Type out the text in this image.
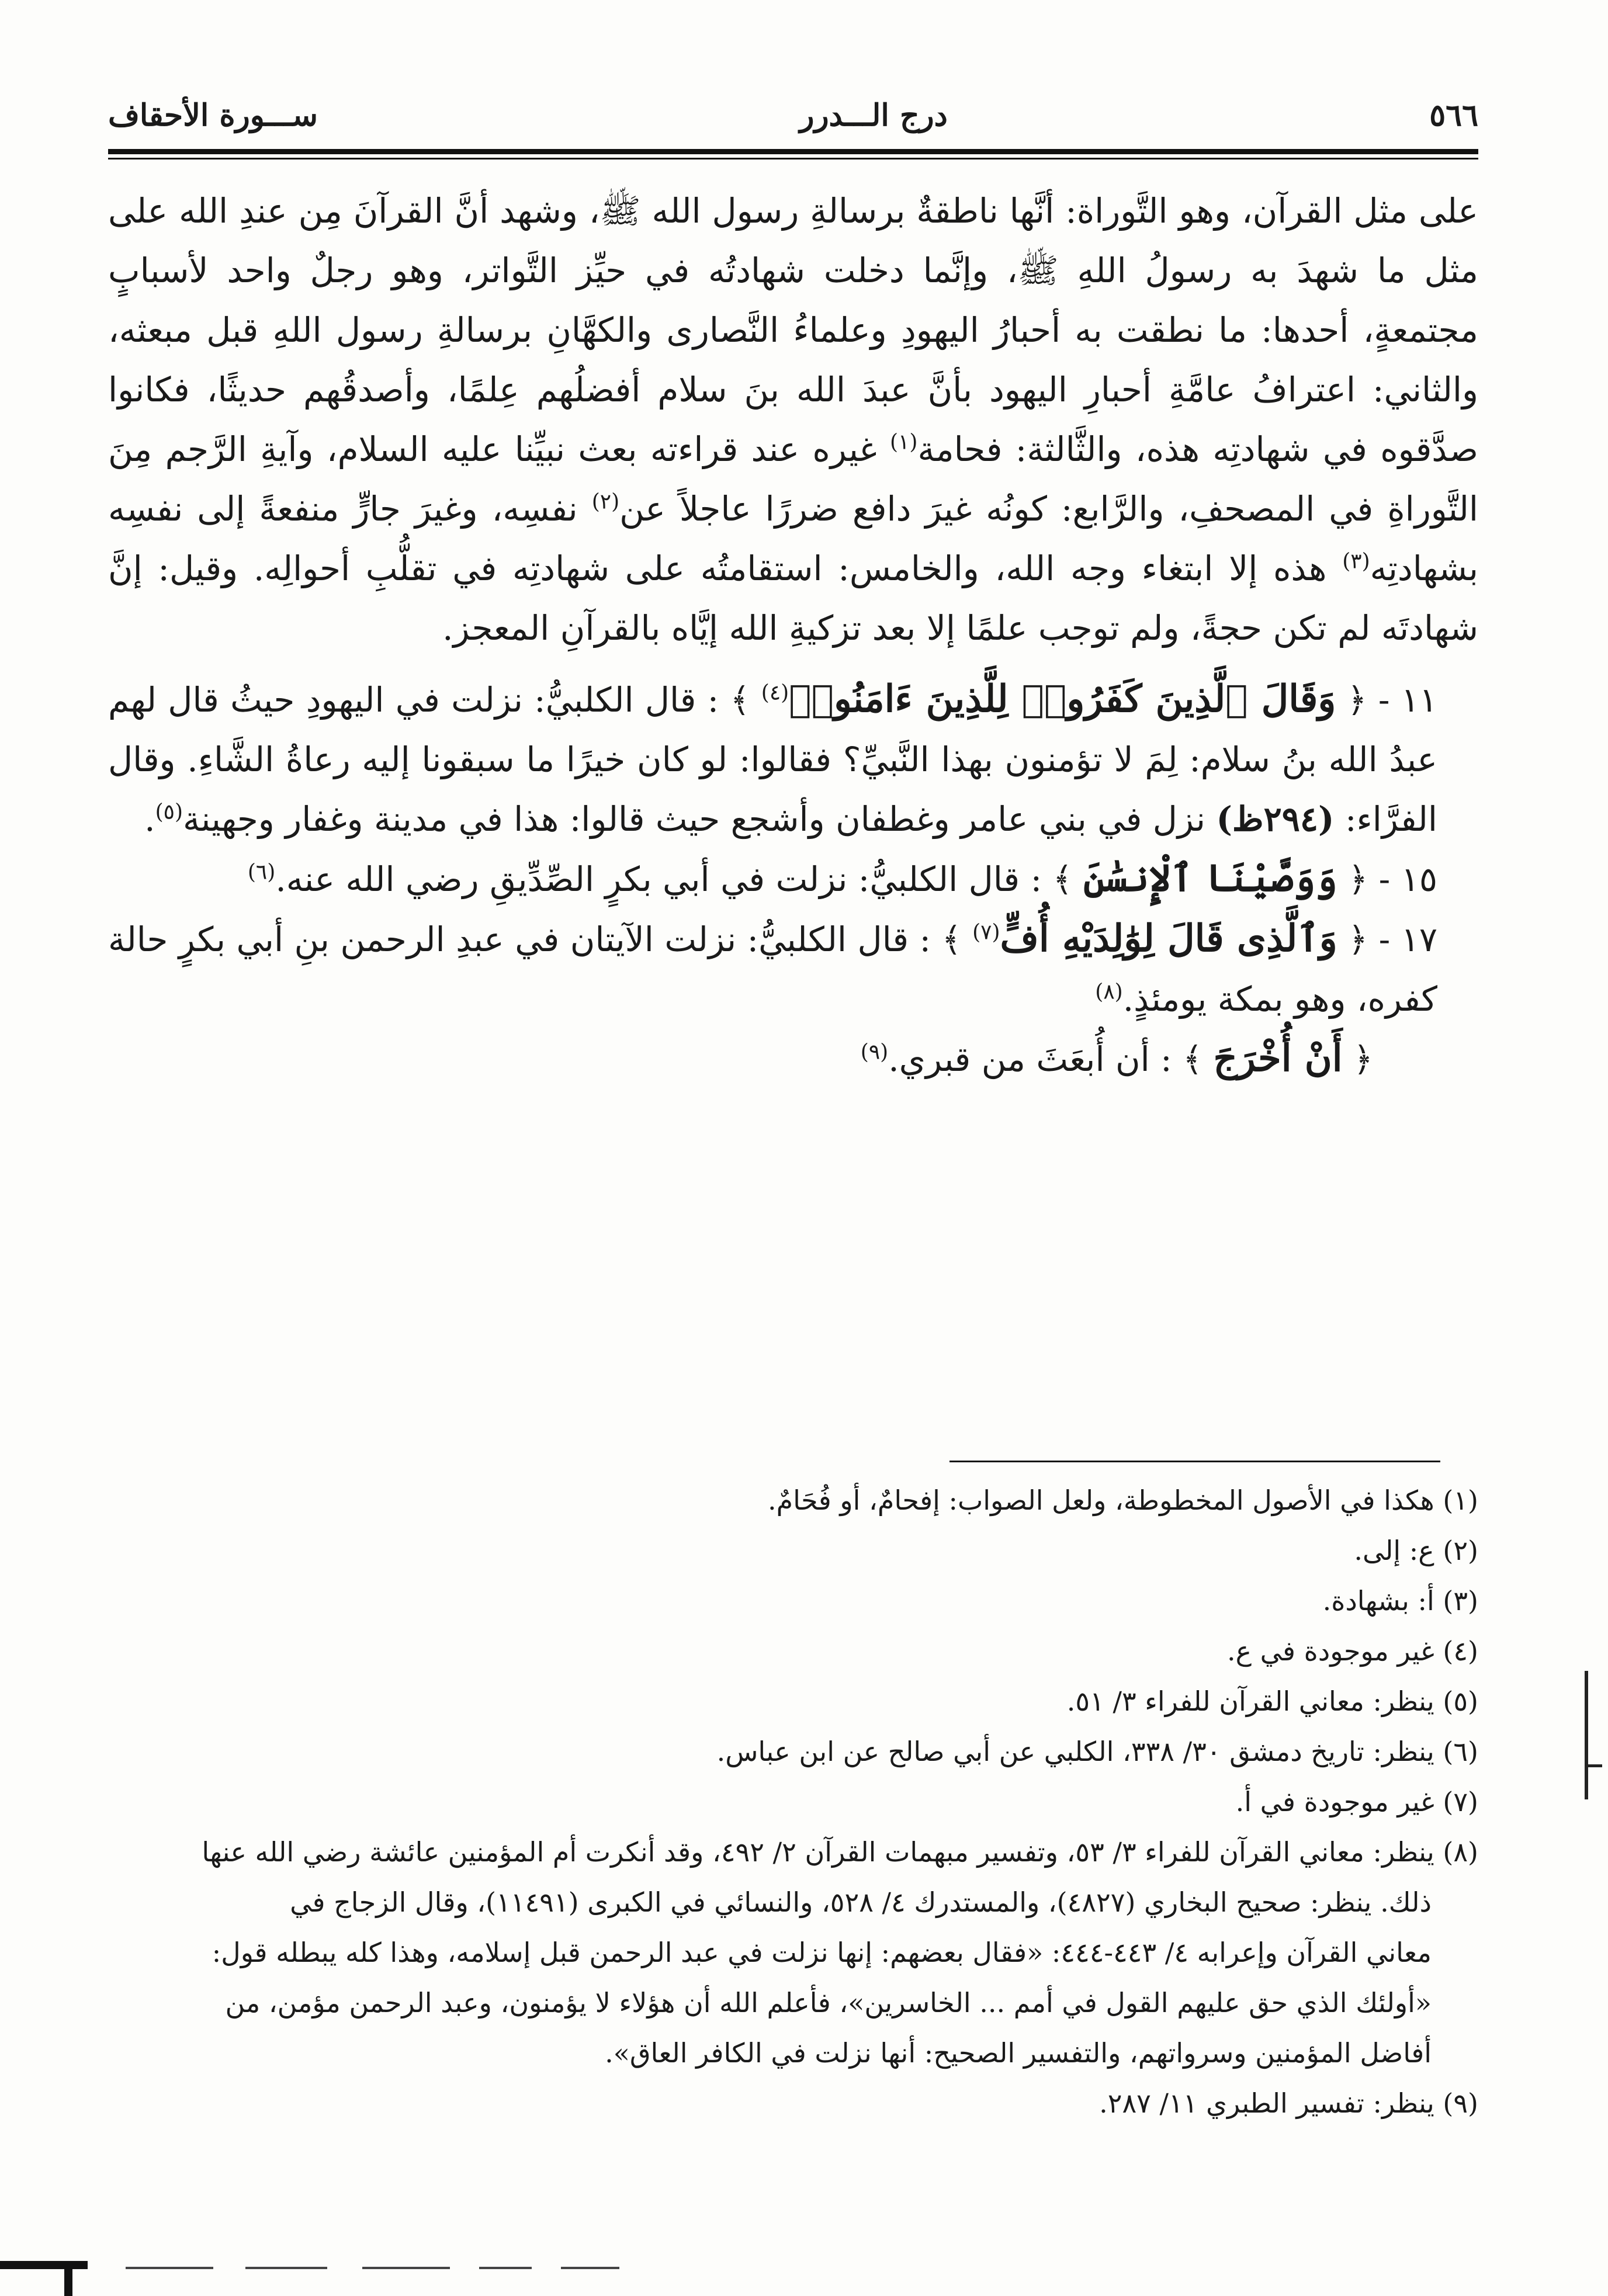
٥٦٦
درج الـــدرر
ســـورة الأحقاف

على مثل القرآن، وهو التَّوراة: أنَّها ناطقةٌ برسالةِ رسول الله ﷺ، وشهد أنَّ القرآنَ مِن عندِ الله على مثل ما شهدَ به رسولُ اللهِ ﷺ، وإنَّما دخلت شهادتُه في حيِّز التَّواتر، وهو رجلٌ واحد لأسبابٍ مجتمعةٍ، أحدها: ما نطقت به أحبارُ اليهودِ وعلماءُ النَّصارى والكهَّانِ برسالةِ رسول اللهِ قبل مبعثه، والثاني: اعترافُ عامَّةِ أحبارِ اليهود بأنَّ عبدَ الله بنَ سلام أفضلُهم عِلمًا، وأصدقُهم حديثًا، فكانوا صدَّقوه في شهادتِه هذه، والثَّالثة: فحامة$^{(١)}$ غيره عند قراءته بعث نبيِّنا عليه السلام، وآيةِ الرَّجم مِنَ التَّوراةِ في المصحفِ، والرَّابع: كونُه غيرَ دافع ضررًا عاجلاً عن$^{(٢)}$ نفسِه، وغيرَ جارٍّ منفعةً إلى نفسِه بشهادتِه$^{(٣)}$ هذه إلا ابتغاء وجه الله، والخامس: استقامتُه على شهادتِه في تقلُّبِ أحوالِه. وقيل: إنَّ شهادتَه لم تكن حجةً، ولم توجب علمًا إلا بعد تزكيةِ الله إيَّاه بالقرآنِ المعجز.

١١ - ﴿ وَقَالَ ٱلَّذِينَ كَفَرُوا۟ لِلَّذِينَ ءَامَنُوا۟$^{(٤)}$ ﴾ : قال الكلبيُّ: نزلت في اليهودِ حيثُ قال لهم عبدُ الله بنُ سلام: لِمَ لا تؤمنون بهذا النَّبيِّ؟ فقالوا: لو كان خيرًا ما سبقونا إليه رعاةُ الشَّاءِ. وقال الفرَّاء: (٢٩٤ظ) نزل في بني عامر وغطفان وأشجع حيث قالوا: هذا في مدينة وغفار وجهينة$^{(٥)}$.

١٥ - ﴿ وَوَصَّيْنَا ٱلْإِنسَٰنَ ﴾ : قال الكلبيُّ: نزلت في أبي بكرٍ الصِّدِّيقِ رضي الله عنه.$^{(٦)}$

١٧ - ﴿ وَٱلَّذِى قَالَ لِوَٰلِدَيْهِ أُفٍّ$^{(٧)}$ ﴾ : قال الكلبيُّ: نزلت الآيتان في عبدِ الرحمن بنِ أبي بكرٍ حالة كفره، وهو بمكة يومئذٍ.$^{(٨)}$

﴿ أَنْ أُخْرَجَ ﴾ : أن أُبعَثَ من قبري.$^{(٩)}$

(١) هكذا في الأصول المخطوطة، ولعل الصواب: إفحامٌ، أو فُحَامٌ.

(٢) ع: إلى.

(٣) أ: بشهادة.

(٤) غير موجودة في ع.

(٥) ينظر: معاني القرآن للفراء ٣/ ٥١.

(٦) ينظر: تاريخ دمشق ٣٠/ ٣٣٨، الكلبي عن أبي صالح عن ابن عباس.

(٧) غير موجودة في أ.

(٨) ينظر: معاني القرآن للفراء ٣/ ٥٣، وتفسير مبهمات القرآن ٢/ ٤٩٢، وقد أنكرت أم المؤمنين عائشة رضي الله عنها

ذلك. ينظر: صحيح البخاري (٤٨٢٧)، والمستدرك ٤/ ٥٢٨، والنسائي في الكبرى (١١٤٩١)، وقال الزجاج في

معاني القرآن وإعرابه ٤/ ٤٤٣-٤٤٤: «فقال بعضهم: إنها نزلت في عبد الرحمن قبل إسلامه، وهذا كله يبطله قول:

«أولئك الذي حق عليهم القول في أمم ... الخاسرين»، فأعلم الله أن هؤلاء لا يؤمنون، وعبد الرحمن مؤمن، من

أفاضل المؤمنين وسرواتهم، والتفسير الصحيح: أنها نزلت في الكافر العاق».

(٩) ينظر: تفسير الطبري ١١/ ٢٨٧.
